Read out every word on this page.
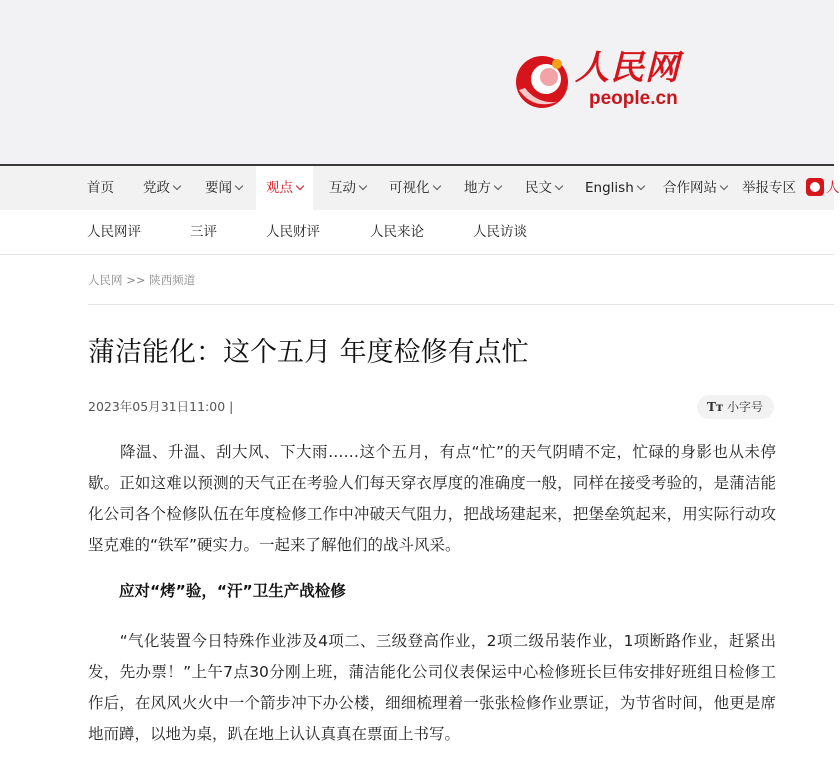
人民网
people.cn
首页 党政	要闻	观点	互动	可视化	地方	民文	English	合作网站	举报专区 人
人民网评	三评	人民财评	人民来论	人民访谈
人民网 >> 陕西频道
蒲洁能化：这个五月 年度检修有点忙
2023年05月31日11:00 |	Tт 小字号
　　降温、升温、刮大风、下大雨……这个五月，有点“忙”的天气阴晴不定，忙碌的身影也从未停歇。正如这难以预测的天气正在考验人们每天穿衣厚度的准确度一般，同样在接受考验的，是蒲洁能化公司各个检修队伍在年度检修工作中冲破天气阻力，把战场建起来，把堡垒筑起来，用实际行动攻坚克难的“铁军”硬实力。一起来了解他们的战斗风采。
应对“烤”验，“汗”卫生产战检修
　　“气化装置今日特殊作业涉及4项二、三级登高作业，2项二级吊装作业，1项断路作业，赶紧出发，先办票！”上午7点30分刚上班，蒲洁能化公司仪表保运中心检修班长巨伟安排好班组日检修工作后，在风风火火中一个箭步冲下办公楼，细细梳理着一张张检修作业票证，为节省时间，他更是席地而蹲，以地为桌，趴在地上认认真真在票面上书写。
